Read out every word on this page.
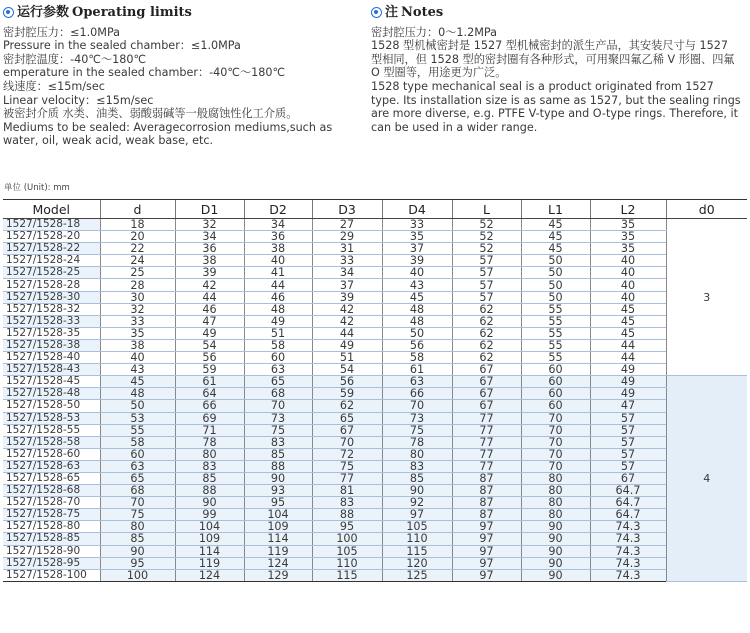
运行参数 Operating limits
密封腔压力：≤1.0MPa
Pressure in the sealed chamber：≤1.0MPa
密封腔温度：-40℃～180℃
emperature in the sealed chamber：-40℃～180℃
线速度：≤15m/sec
Linear velocity：≤15m/sec
被密封介质 水类、油类、弱酸弱碱等一般腐蚀性化工介质。
Mediums to be sealed: Averagecorrosion mediums,such as water, oil, weak acid, weak base, etc.
注 Notes
密封腔压力：0～1.2MPa
1528 型机械密封是 1527 型机械密封的派生产品，其安装尺寸与 1527 型相同，但 1528 型的密封圈有各种形式，可用聚四氟乙稀 V 形圈、四氟 O 型圈等，用途更为广泛。
1528 type mechanical seal is a product originated from 1527 type. Its installation size is as same as 1527, but the sealing rings are more diverse, e.g. PTFE V-type and O-type rings. Therefore, it can be used in a wider range.
单位 (Unit): mm
Model	d	D1	D2	D3	D4	L	L1	L2	d0
1527/1528-18	18	32	34	27	33	52	45	35	3
1527/1528-20	20	34	36	29	35	52	45	35	
1527/1528-22	22	36	38	31	37	52	45	35	
1527/1528-24	24	38	40	33	39	57	50	40	
1527/1528-25	25	39	41	34	40	57	50	40	
1527/1528-28	28	42	44	37	43	57	50	40	
1527/1528-30	30	44	46	39	45	57	50	40	
1527/1528-32	32	46	48	42	48	62	55	45	
1527/1528-33	33	47	49	42	48	62	55	45	
1527/1528-35	35	49	51	44	50	62	55	45	
1527/1528-38	38	54	58	49	56	62	55	44	
1527/1528-40	40	56	60	51	58	62	55	44	
1527/1528-43	43	59	63	54	61	67	60	49	
1527/1528-45	45	61	65	56	63	67	60	49	4
1527/1528-48	48	64	68	59	66	67	60	49	
1527/1528-50	50	66	70	62	70	67	60	47	
1527/1528-53	53	69	73	65	73	77	70	57	
1527/1528-55	55	71	75	67	75	77	70	57	
1527/1528-58	58	78	83	70	78	77	70	57	
1527/1528-60	60	80	85	72	80	77	70	57	
1527/1528-63	63	83	88	75	83	77	70	57	
1527/1528-65	65	85	90	77	85	87	80	67	
1527/1528-68	68	88	93	81	90	87	80	64.7	
1527/1528-70	70	90	95	83	92	87	80	64.7	
1527/1528-75	75	99	104	88	97	87	80	64.7	
1527/1528-80	80	104	109	95	105	97	90	74.3	
1527/1528-85	85	109	114	100	110	97	90	74.3	
1527/1528-90	90	114	119	105	115	97	90	74.3	
1527/1528-95	95	119	124	110	120	97	90	74.3	
1527/1528-100	100	124	129	115	125	97	90	74.3	
